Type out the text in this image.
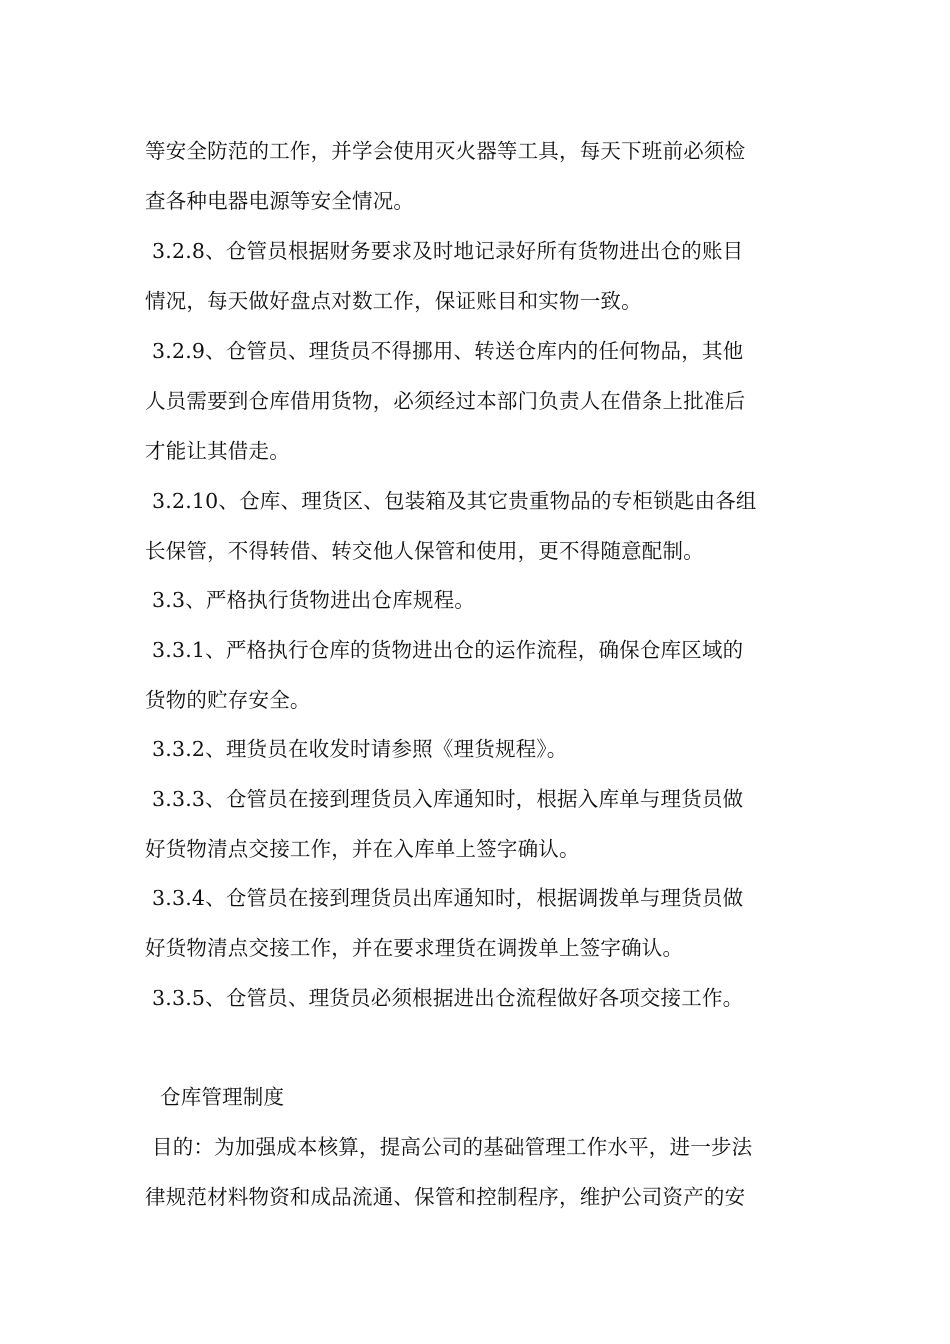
等安全防范的工作，并学会使用灭火器等工具，每天下班前必须检
查各种电器电源等安全情况。
3.2.8、仓管员根据财务要求及时地记录好所有货物进出仓的账目
情况，每天做好盘点对数工作，保证账目和实物一致。
3.2.9、仓管员、理货员不得挪用、转送仓库内的任何物品，其他
人员需要到仓库借用货物，必须经过本部门负责人在借条上批准后
才能让其借走。
3.2.10、仓库、理货区、包装箱及其它贵重物品的专柜锁匙由各组
长保管，不得转借、转交他人保管和使用，更不得随意配制。
3.3、严格执行货物进出仓库规程。
3.3.1、严格执行仓库的货物进出仓的运作流程，确保仓库区域的
货物的贮存安全。
3.3.2、理货员在收发时请参照《理货规程》。
3.3.3、仓管员在接到理货员入库通知时，根据入库单与理货员做
好货物清点交接工作，并在入库单上签字确认。
3.3.4、仓管员在接到理货员出库通知时，根据调拨单与理货员做
好货物清点交接工作，并在要求理货在调拨单上签字确认。
3.3.5、仓管员、理货员必须根据进出仓流程做好各项交接工作。
仓库管理制度
目的：为加强成本核算，提高公司的基础管理工作水平，进一步法
律规范材料物资和成品流通、保管和控制程序，维护公司资产的安
